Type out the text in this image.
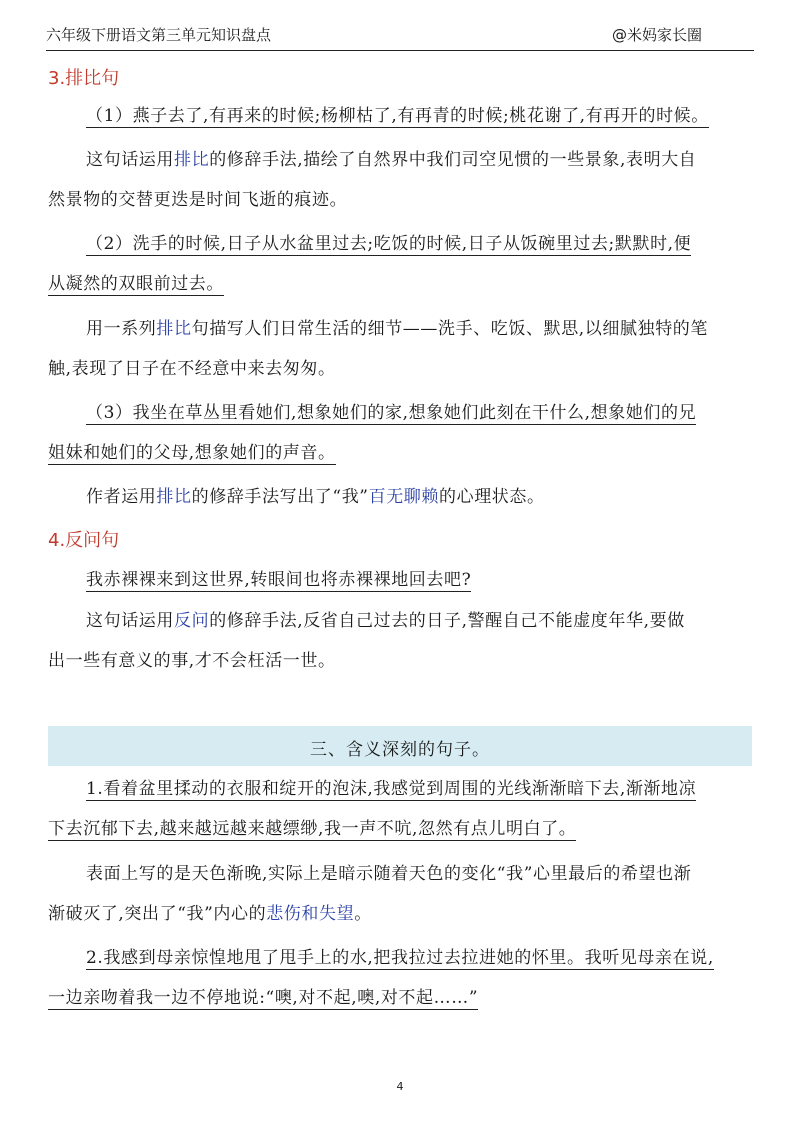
六年级下册语文第三单元知识盘点	@米妈家长圈
3.排比句
（1）燕子去了,有再来的时候;杨柳枯了,有再青的时候;桃花谢了,有再开的时候。
这句话运用排比的修辞手法,描绘了自然界中我们司空见惯的一些景象,表明大自
然景物的交替更迭是时间飞逝的痕迹。
（2）洗手的时候,日子从水盆里过去;吃饭的时候,日子从饭碗里过去;默默时,便
从凝然的双眼前过去。
用一系列排比句描写人们日常生活的细节——洗手、吃饭、默思,以细腻独特的笔
触,表现了日子在不经意中来去匆匆。
（3）我坐在草丛里看她们,想象她们的家,想象她们此刻在干什么,想象她们的兄
姐妹和她们的父母,想象她们的声音。
作者运用排比的修辞手法写出了“我”百无聊赖的心理状态。
4.反问句
我赤裸裸来到这世界,转眼间也将赤裸裸地回去吧?
这句话运用反问的修辞手法,反省自己过去的日子,警醒自己不能虚度年华,要做
出一些有意义的事,才不会枉活一世。
三、含义深刻的句子。
1.看着盆里揉动的衣服和绽开的泡沫,我感觉到周围的光线渐渐暗下去,渐渐地凉
下去沉郁下去,越来越远越来越缥缈,我一声不吭,忽然有点儿明白了。
表面上写的是天色渐晚,实际上是暗示随着天色的变化“我”心里最后的希望也渐
渐破灭了,突出了“我”内心的悲伤和失望。
2.我感到母亲惊惶地甩了甩手上的水,把我拉过去拉进她的怀里。我听见母亲在说,
一边亲吻着我一边不停地说:“噢,对不起,噢,对不起……”
4
